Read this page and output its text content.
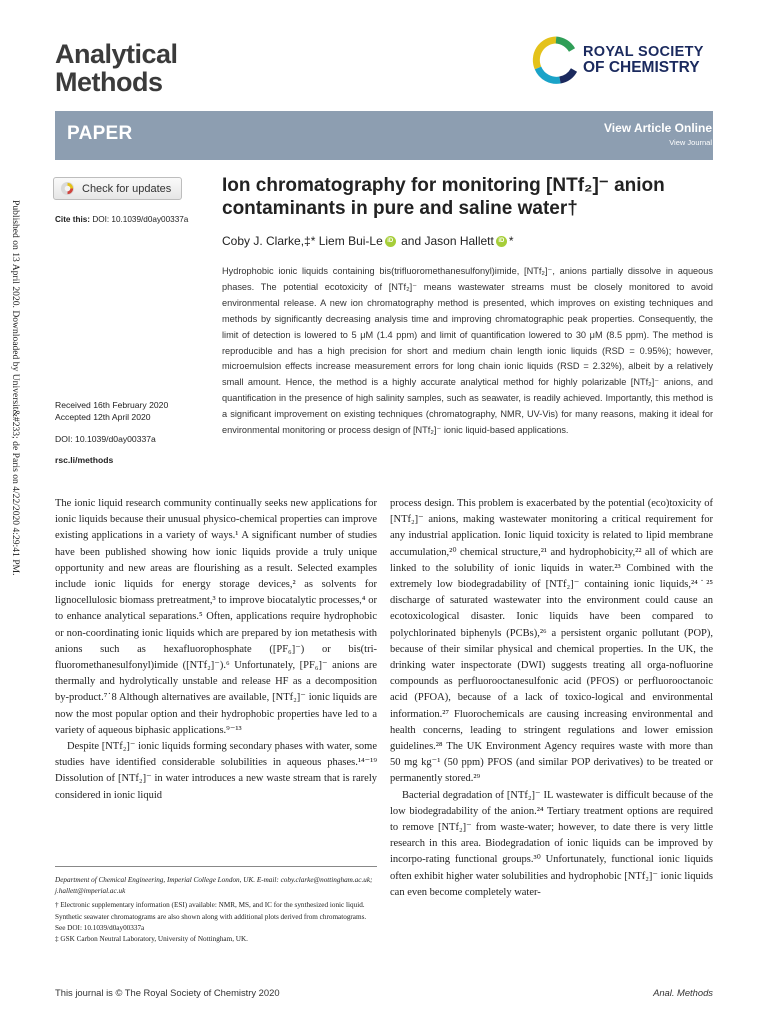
Analytical
Methods
ROYAL SOCIETY
OF CHEMISTRY
PAPER	View Article Online
View Journal
Check for updates
Cite this: DOI: 10.1039/d0ay00337a
Ion chromatography for monitoring [NTf₂]⁻ anion contaminants in pure and saline water†
Coby J. Clarke,‡*
Liem Bui-Le iD
and
Jason Hallett iD *
Hydrophobic ionic liquids containing bis(trifluoromethanesulfonyl)imide, [NTf₂]⁻, anions partially dissolve in aqueous phases. The potential ecotoxicity of [NTf₂]⁻ means wastewater streams must be closely monitored to avoid environmental release. A new ion chromatography method is presented, which improves on existing techniques and methods by significantly decreasing analysis time and improving chromatographic peak properties. Consequently, the limit of detection is lowered to 5 μM (1.4 ppm) and limit of quantification lowered to 30 μM (8.5 ppm). The method is reproducible and has a high precision for short and medium chain length ionic liquids (RSD = 0.95%); however, microemulsion effects increase measurement errors for long chain ionic liquids (RSD = 2.32%), albeit by a relatively small amount. Hence, the method is a highly accurate analytical method for highly polarizable [NTf₂]⁻ anions, and quantification in the presence of high salinity samples, such as seawater, is readily achieved. Importantly, this method is a significant improvement on existing techniques (chromatography, NMR, UV-Vis) for many reasons, making it ideal for environmental monitoring or process design of [NTf₂]⁻ ionic liquid-based applications.
Received 16th February 2020
Accepted 12th April 2020
DOI: 10.1039/d0ay00337a
rsc.li/methods
Published on 13 April 2020. Downloaded by Universit&#233; de Paris on 4/22/2020 4:29:41 PM.	The ionic liquid research community continually seeks new applications for ionic liquids because their unusual physico-chemical properties can improve existing applications in a variety of ways.¹ A significant number of studies have been published showing how ionic liquids provide a truly unique opportunity and new areas are flourishing as a result. Selected examples include ionic liquids for energy storage devices,² as solvents for lignocellulosic biomass pretreatment,³ to improve biocatalytic processes,⁴ or to enhance analytical separations.⁵ Often, applications require hydrophobic or non-coordinating ionic liquids which are prepared by ion metathesis with anions such as hexafluorophosphate ([PF₆]⁻) or bis(tri-fluoromethanesulfonyl)imide ([NTf₂]⁻).⁶ Unfortunately, [PF₆]⁻ anions are thermally and hydrolytically unstable and release HF as a decomposition by-product.⁷˙8 Although alternatives are available, [NTf₂]⁻ ionic liquids are now the most popular option and their hydrophobic properties have led to a variety of aqueous biphasic applications.⁹⁻¹³

Despite [NTf₂]⁻ ionic liquids forming secondary phases with water, some studies have identified considerable solubilities in aqueous phases.¹⁴⁻¹⁹ Dissolution of [NTf₂]⁻ in water introduces a new waste stream that is rarely considered in ionic liquid

process design. This problem is exacerbated by the potential (eco)toxicity of [NTf₂]⁻ anions, making wastewater monitoring a critical requirement for any industrial application. Ionic liquid toxicity is related to lipid membrane accumulation,²⁰ chemical structure,²¹ and hydrophobicity,²² all of which are linked to the solubility of ionic liquids in water.²³ Combined with the extremely low biodegradability of [NTf₂]⁻ containing ionic liquids,²⁴˙²⁵ discharge of saturated wastewater into the environment could cause an ecotoxicological disaster. Ionic liquids have been compared to polychlorinated biphenyls (PCBs),²⁶ a persistent organic pollutant (POP), because of their similar physical and chemical properties. In the UK, the drinking water inspectorate (DWI) suggests treating all orga-nofluorine compounds as perfluorooctanesulfonic acid (PFOS) or perfluorooctanoic acid (PFOA), because of a lack of toxico-logical and environmental information.²⁷ Fluorochemicals are causing increasing environmental and health concerns, leading to stringent regulations and lower emission guidelines.²⁸ The UK Environment Agency requires waste with more than 50 mg kg⁻¹ (50 ppm) PFOS (and similar POP derivatives) to be treated or permanently stored.²⁹

Bacterial degradation of [NTf₂]⁻ IL wastewater is difficult because of the low biodegradability of the anion.²⁴ Tertiary treatment options are required to remove [NTf₂]⁻ from waste-water; however, to date there is very little research in this area. Biodegradation of ionic liquids can be improved by incorpo-rating functional groups.³⁰ Unfortunately, functional ionic liquids often exhibit higher water solubilities and hydrophobic [NTf₂]⁻ ionic liquids can even become completely water-

Department of Chemical Engineering, Imperial College London, UK. E-mail: coby.clarke@nottingham.ac.uk; j.hallett@imperial.ac.uk

† Electronic supplementary information (ESI) available: NMR, MS, and IC for the synthesized ionic liquid. Synthetic seawater chromatograms are also shown along with additional plots derived from chromatograms. See DOI: 10.1039/d0ay00337a

‡ GSK Carbon Neutral Laboratory, University of Nottingham, UK.

This journal is © The Royal Society of Chemistry 2020	Anal. Methods
